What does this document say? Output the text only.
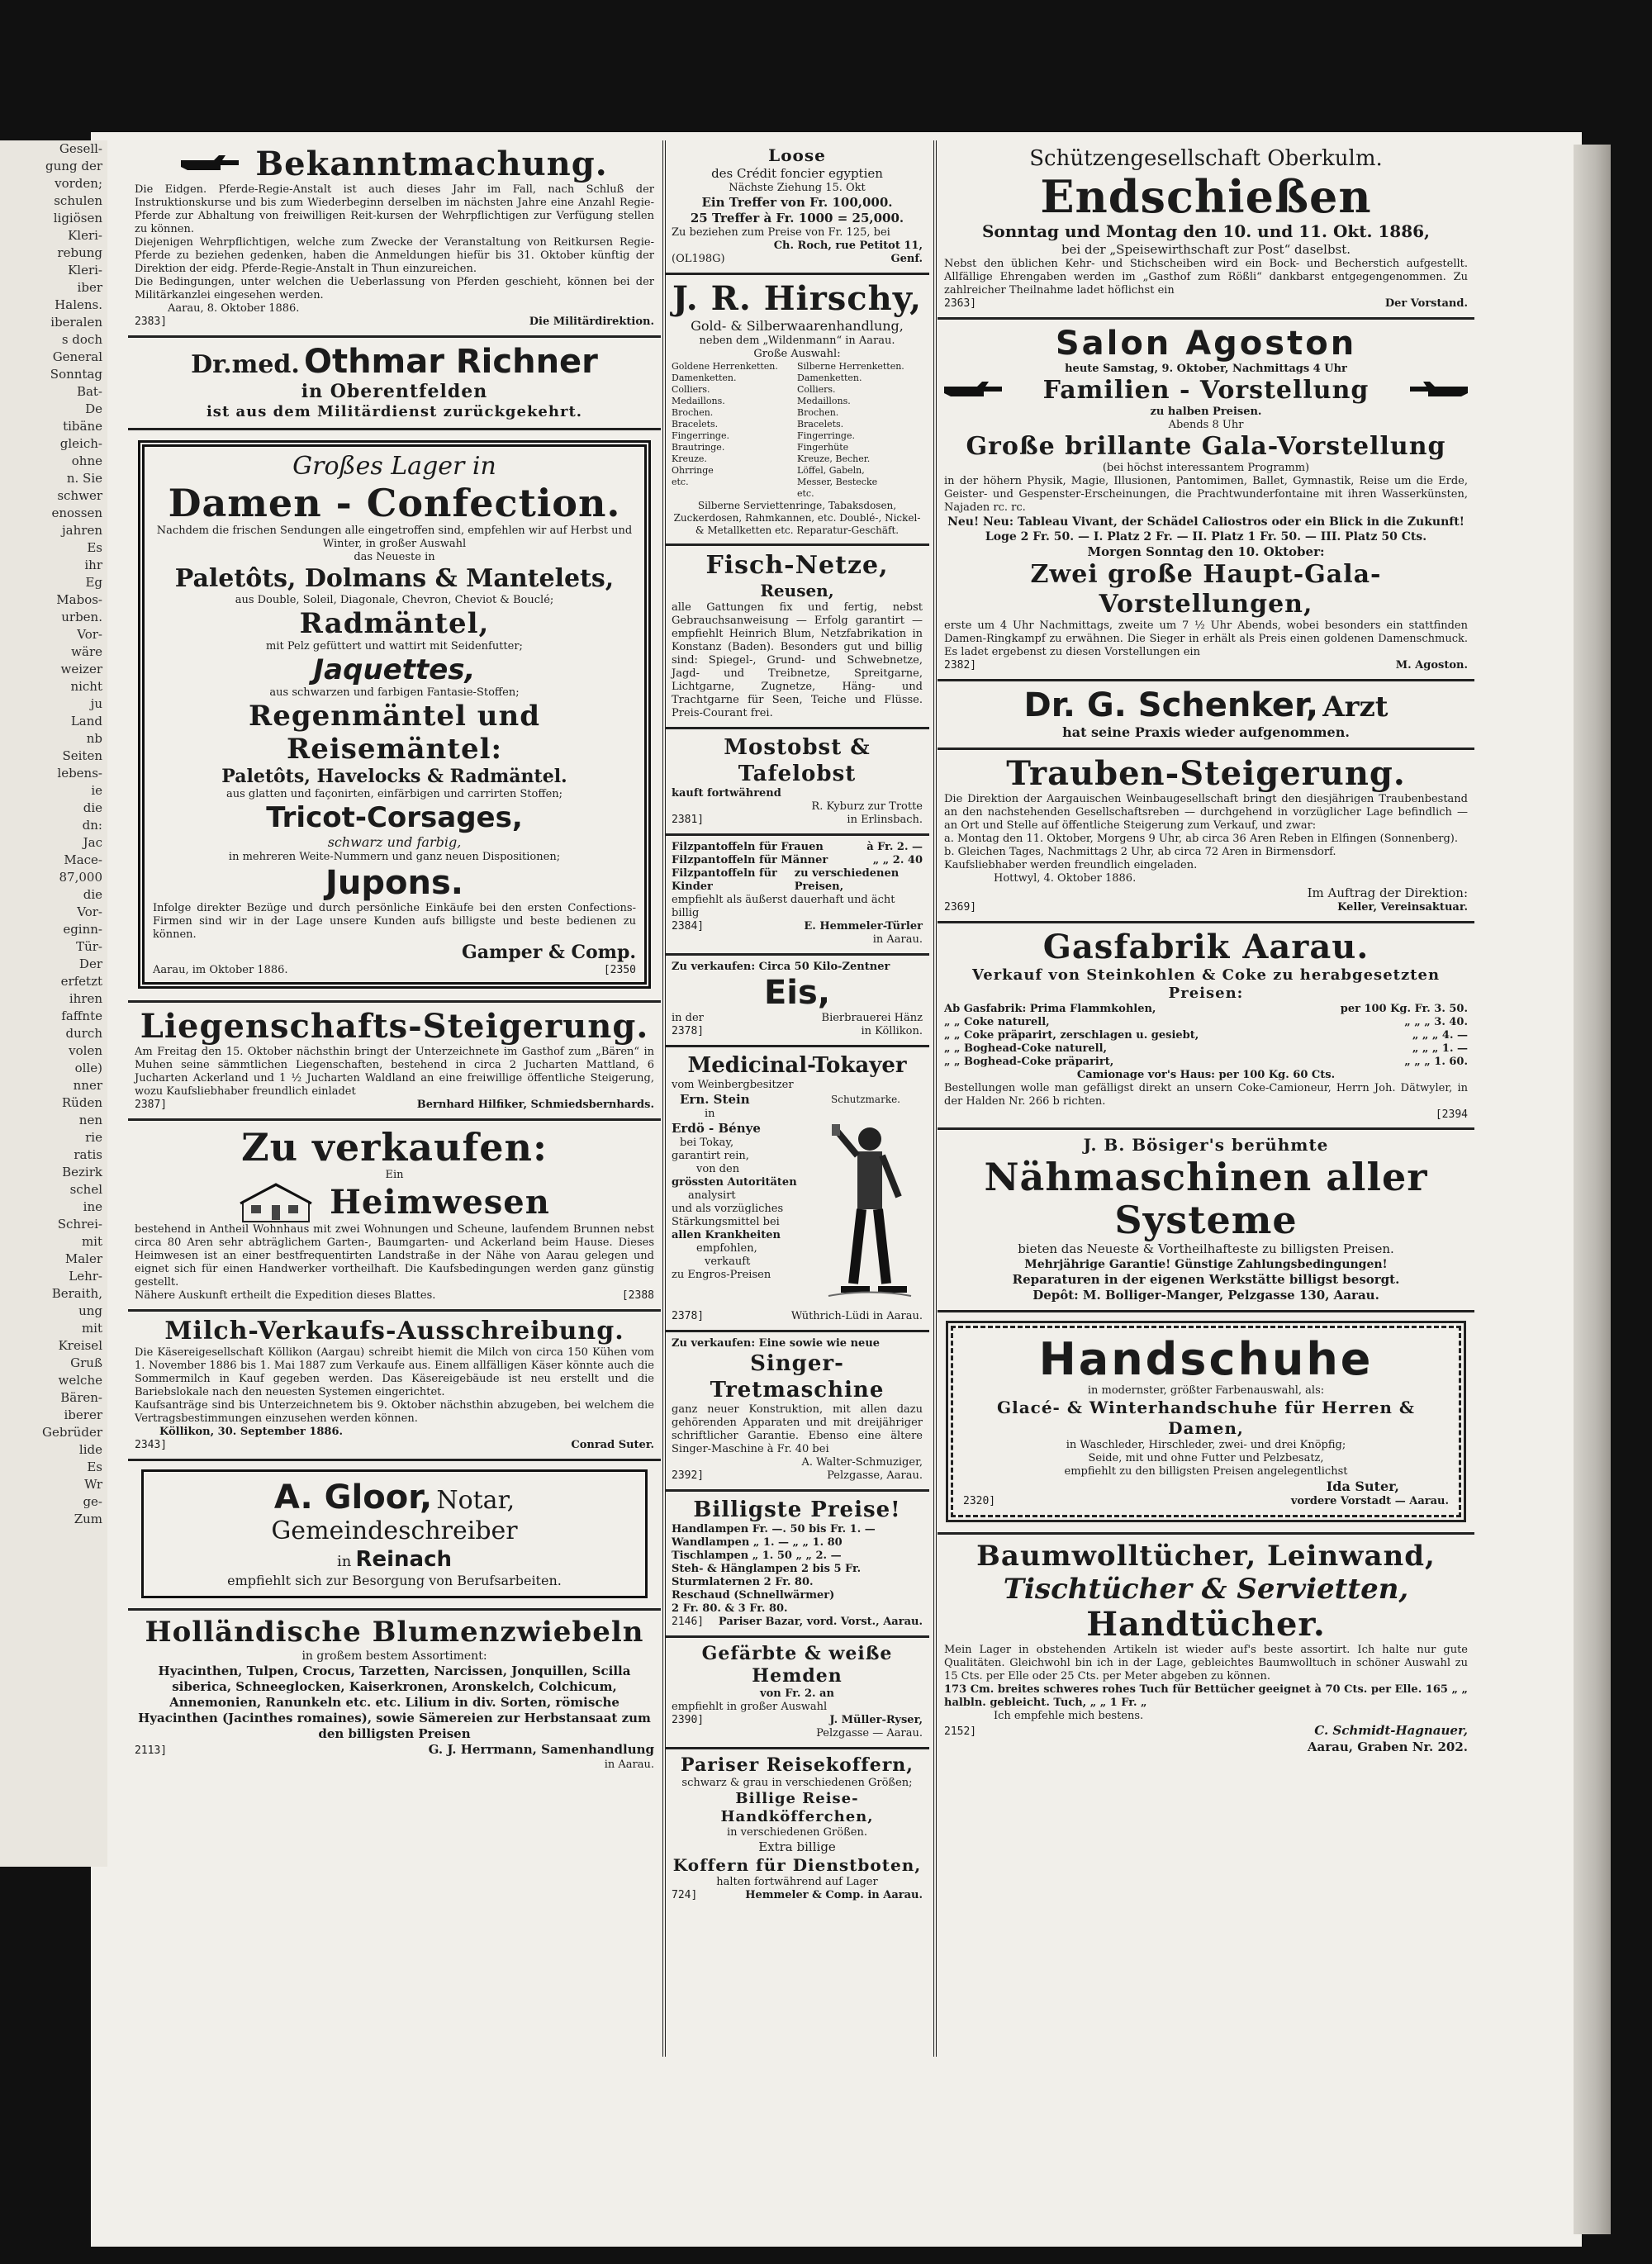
Gesell-
gung der
vorden;
schulen
ligiösen
Kleri-
rebung
Kleri-
iber
Halens.
iberalen
s doch
General
Sonntag
Bat-
De
tibäne
gleich-
ohne
n. Sie
schwer
enossen
jahren
Es
ihr
Eg
Mabos-
urben.
Vor-
wäre
weizer
nicht
ju
Land
nb
Seiten
lebens-
ie
die
dn:
Jac
Mace-
87,000
die
Vor-
eginn-
Tür-
Der
erfetzt
ihren
faffnte
durch
volen
olle)
nner
Rüden
nen
rie
ratis
Bezirk
schel
ine
Schrei-
mit
Maler
Lehr-
Beraith,
ung
mit
Kreisel
Gruß
welche
Bären-
iberer
Gebrüder
lide
Es
Wr
ge-
Zum
Bekanntmachung.
Die Eidgen. Pferde-Regie-Anstalt ist auch dieses Jahr im Fall, nach Schluß der Instruktionskurse und bis zum Wiederbeginn derselben im nächsten Jahre eine Anzahl Regie-Pferde zur Abhaltung von freiwilligen Reit-kursen der Wehrpflichtigen zur Verfügung stellen zu können.
Diejenigen Wehrpflichtigen, welche zum Zwecke der Veranstaltung von Reitkursen Regie-Pferde zu beziehen gedenken, haben die Anmeldungen hiefür bis 31. Oktober künftig der Direktion der eidg. Pferde-Regie-Anstalt in Thun einzureichen.
Die Bedingungen, unter welchen die Ueberlassung von Pferden geschieht, können bei der Militärkanzlei eingesehen werden.
Aarau, 8. Oktober 1886.
2383]	Die Militärdirektion.
Dr.med. Othmar Richner
in Oberentfelden
ist aus dem Militärdienst zurückgekehrt.
Großes Lager in
Damen - Confection.
Nachdem die frischen Sendungen alle eingetroffen sind, empfehlen wir auf Herbst und Winter, in großer Auswahl
das Neueste in
Paletôts, Dolmans & Mantelets,
aus Double, Soleil, Diagonale, Chevron, Cheviot & Bouclé;
Radmäntel,
mit Pelz gefüttert und wattirt mit Seidenfutter;
Jaquettes,
aus schwarzen und farbigen Fantasie-Stoffen;
Regenmäntel und Reisemäntel:
Paletôts, Havelocks & Radmäntel.
aus glatten und façonirten, einfärbigen und carrirten Stoffen;
Tricot-Corsages,
schwarz und farbig,
in mehreren Weite-Nummern und ganz neuen Dispositionen;
Jupons.
Infolge direkter Bezüge und durch persönliche Einkäufe bei den ersten Confections-Firmen sind wir in der Lage unsere Kunden aufs billigste und beste bedienen zu können.
Gamper & Comp.
Aarau, im Oktober 1886.	[2350
Liegenschafts-Steigerung.
Am Freitag den 15. Oktober nächsthin bringt der Unterzeichnete im Gasthof zum „Bären“ in Muhen seine sämmtlichen Liegenschaften, bestehend in circa 2 Jucharten Mattland, 6 Jucharten Ackerland und 1 ½ Jucharten Waldland an eine freiwillige öffentliche Steigerung, wozu Kaufsliebhaber freundlich einladet
2387]	Bernhard Hilfiker, Schmiedsbernhards.
Zu verkaufen:
Ein
Heimwesen
bestehend in Antheil Wohnhaus mit zwei Wohnungen und Scheune, laufendem Brunnen nebst circa 80 Aren sehr abträglichem Garten-, Baumgarten- und Ackerland beim Hause. Dieses Heimwesen ist an einer bestfrequentirten Landstraße in der Nähe von Aarau gelegen und eignet sich für einen Handwerker vortheilhaft. Die Kaufsbedingungen werden ganz günstig gestellt.
Nähere Auskunft ertheilt die Expedition dieses Blattes.	[2388
Milch-Verkaufs-Ausschreibung.
Die Käsereigesellschaft Köllikon (Aargau) schreibt hiemit die Milch von circa 150 Kühen vom 1. November 1886 bis 1. Mai 1887 zum Verkaufe aus. Einem allfälligen Käser könnte auch die Sommermilch in Kauf gegeben werden. Das Käsereigebäude ist neu erstellt und die Bariebslokale nach den neuesten Systemen eingerichtet.
Kaufsanträge sind bis Unterzeichnetem bis 9. Oktober nächsthin abzugeben, bei welchem die Vertragsbestimmungen einzusehen werden können.
Köllikon, 30. September 1886.
2343]	Conrad Suter.
A. Gloor, Notar, Gemeindeschreiber
in Reinach
empfiehlt sich zur Besorgung von Berufsarbeiten.
Holländische Blumenzwiebeln
in großem bestem Assortiment:
Hyacinthen, Tulpen, Crocus, Tarzetten, Narcissen, Jonquillen, Scilla siberica, Schneeglocken, Kaiserkronen, Aronskelch, Colchicum, Annemonien, Ranunkeln etc. etc. Lilium in div. Sorten, römische Hyacinthen (Jacinthes romaines), sowie Sämereien zur Herbstansaat zum den billigsten Preisen
2113]	G. J. Herrmann, Samenhandlung
in Aarau.
Loose
des Crédit foncier egyptien
Nächste Ziehung 15. Okt
Ein Treffer von Fr. 100,000.
25 Treffer à Fr. 1000 = 25,000.
Zu beziehen zum Preise von Fr. 125, bei
Ch. Roch, rue Petitot 11,
(OL198G)	Genf.
J. R. Hirschy,
Gold- & Silberwaarenhandlung,
neben dem „Wildenmann“ in Aarau.
Große Auswahl:
Goldene Herrenketten.
Damenketten.
Colliers.
Medaillons.
Brochen.
Bracelets.
Fingerringe.
Brautringe.
Kreuze.
Ohrringe
etc.
Silberne Herrenketten.
Damenketten.
Colliers.
Medaillons.
Brochen.
Bracelets.
Fingerringe.
Fingerhüte
Kreuze, Becher.
Löffel, Gabeln,
Messer, Bestecke
etc.
Silberne Serviettenringe, Tabaksdosen, Zuckerdosen, Rahmkannen, etc. Doublé-, Nickel- & Metallketten etc. Reparatur-Geschäft.
Fisch-Netze,
Reusen,
alle Gattungen fix und fertig, nebst Gebrauchsanweisung — Erfolg garantirt — empfiehlt Heinrich Blum, Netzfabrikation in Konstanz (Baden). Besonders gut und billig sind: Spiegel-, Grund- und Schwebnetze, Jagd- und Treibnetze, Spreitgarne, Lichtgarne, Zugnetze, Häng- und Trachtgarne für Seen, Teiche und Flüsse. Preis-Courant frei.
Mostobst & Tafelobst
kauft fortwährend
R. Kyburz zur Trotte
2381]	in Erlinsbach.
Filzpantoffeln für Frauen	à Fr. 2. —
Filzpantoffeln für Männer	„ „ 2. 40
Filzpantoffeln für Kinder
zu verschiedenen Preisen,
empfiehlt als äußerst dauerhaft und ächt billig
2384]	E. Hemmeler-Türler
in Aarau.
Zu verkaufen: Circa 50 Kilo-Zentner
Eis,
in der	Bierbrauerei Hänz
2378]	in Köllikon.
Medicinal-Tokayer
vom Weinbergbesitzer
Schutzmarke.
Ern. Stein
in
Erdö - Bénye
bei Tokay,
garantirt rein,
von den
grössten Autoritäten
analysirt
und als vorzügliches
Stärkungsmittel bei
allen Krankheiten
empfohlen,
verkauft
zu Engros-Preisen
2378]	Wüthrich-Lüdi in Aarau.
Zu verkaufen: Eine sowie wie neue
Singer-Tretmaschine
ganz neuer Konstruktion, mit allen dazu gehörenden Apparaten und mit dreijähriger schriftlicher Garantie. Ebenso eine ältere Singer-Maschine à Fr. 40 bei
A. Walter-Schmuziger,
2392]	Pelzgasse, Aarau.
Billigste Preise!
Handlampen Fr. —. 50 bis Fr. 1. —
Wandlampen „ 1. — „ „ 1. 80
Tischlampen „ 1. 50 „ „ 2. —
Steh- & Hänglampen 2 bis 5 Fr.
Sturmlaternen 2 Fr. 80.
Reschaud (Schnellwärmer)
2 Fr. 80. & 3 Fr. 80.
2146] Pariser Bazar, vord. Vorst., Aarau.
Gefärbte & weiße Hemden
von Fr. 2. an
empfiehlt in großer Auswahl
2390]	J. Müller-Ryser,
Pelzgasse — Aarau.
Pariser Reisekoffern,
schwarz & grau in verschiedenen Größen;
Billige Reise-Handköfferchen,
in verschiedenen Größen.
Extra billige
Koffern für Dienstboten,
halten fortwährend auf Lager
724]	Hemmeler & Comp. in Aarau.
Schützengesellschaft Oberkulm.
Endschießen
Sonntag und Montag den 10. und 11. Okt. 1886,
bei der „Speisewirthschaft zur Post“ daselbst.
Nebst den üblichen Kehr- und Stichscheiben wird ein Bock- und Becherstich aufgestellt. Allfällige Ehrengaben werden im „Gasthof zum Rößli“ dankbarst entgegengenommen. Zu zahlreicher Theilnahme ladet höflichst ein
2363]	Der Vorstand.
Salon Agoston
heute Samstag, 9. Oktober, Nachmittags 4 Uhr
Familien - Vorstellung
zu halben Preisen.
Abends 8 Uhr
Große brillante Gala-Vorstellung
(bei höchst interessantem Programm)
in der höhern Physik, Magie, Illusionen, Pantomimen, Ballet, Gymnastik, Reise um die Erde, Geister- und Gespenster-Erscheinungen, die Prachtwunderfontaine mit ihren Wasserkünsten, Najaden rc. rc.
Neu! Neu: Tableau Vivant, der Schädel Caliostros oder ein Blick in die Zukunft!
Loge 2 Fr. 50. — I. Platz 2 Fr. — II. Platz 1 Fr. 50. — III. Platz 50 Cts.
Morgen Sonntag den 10. Oktober:
Zwei große Haupt-Gala-Vorstellungen,
erste um 4 Uhr Nachmittags, zweite um 7 ½ Uhr Abends, wobei besonders ein stattfinden Damen-Ringkampf zu erwähnen. Die Sieger in erhält als Preis einen goldenen Damenschmuck. Es ladet ergebenst zu diesen Vorstellungen ein
2382]	M. Agoston.
Dr. G. Schenker, Arzt
hat seine Praxis wieder aufgenommen.
Trauben-Steigerung.
Die Direktion der Aargauischen Weinbaugesellschaft bringt den diesjährigen Traubenbestand an den nachstehenden Gesellschaftsreben — durchgehend in vorzüglicher Lage befindlich — an Ort und Stelle auf öffentliche Steigerung zum Verkauf, und zwar:
a. Montag den 11. Oktober, Morgens 9 Uhr, ab circa 36 Aren Reben in Elfingen (Sonnenberg).
b. Gleichen Tages, Nachmittags 2 Uhr, ab circa 72 Aren in Birmensdorf.
Kaufsliebhaber werden freundlich eingeladen.
Hottwyl, 4. Oktober 1886.
Im Auftrag der Direktion:
2369]	Keller, Vereinsaktuar.
Gasfabrik Aarau.
Verkauf von Steinkohlen & Coke zu herabgesetzten Preisen:
Ab Gasfabrik: Prima Flammkohlen,	per 100 Kg. Fr. 3. 50.
„ „ Coke naturell,	„ „ „ 3. 40.
„ „ Coke präparirt, zerschlagen u. gesiebt,	„ „ „ 4. —
„ „ Boghead-Coke naturell,	„ „ „ 1. —
„ „ Boghead-Coke präparirt,	„ „ „ 1. 60.
Camionage vor's Haus: per 100 Kg. 60 Cts.
Bestellungen wolle man gefälligst direkt an unsern Coke-Camioneur, Herrn Joh. Dätwyler, in der Halden Nr. 266 b richten.
[2394
J. B. Bösiger's berühmte
Nähmaschinen aller Systeme
bieten das Neueste & Vortheilhafteste zu billigsten Preisen.
Mehrjährige Garantie! Günstige Zahlungsbedingungen!
Reparaturen in der eigenen Werkstätte billigst besorgt.
Depôt: M. Bolliger-Manger, Pelzgasse 130, Aarau.
Handschuhe
in modernster, größter Farbenauswahl, als:
Glacé- & Winterhandschuhe für Herren & Damen,
in Waschleder, Hirschleder, zwei- und drei Knöpfig;
Seide, mit und ohne Futter und Pelzbesatz,
empfiehlt zu den billigsten Preisen angelegentlichst
Ida Suter,
2320]	vordere Vorstadt — Aarau.
Baumwolltücher, Leinwand,
Tischtücher & Servietten,
Handtücher.
Mein Lager in obstehenden Artikeln ist wieder auf's beste assortirt. Ich halte nur gute Qualitäten. Gleichwohl bin ich in der Lage, gebleichtes Baumwolltuch in schöner Auswahl zu 15 Cts. per Elle oder 25 Cts. per Meter abgeben zu können.
173 Cm. breites schweres rohes Tuch für Bettücher geeignet à 70 Cts. per Elle. 165 „ „ halbln. gebleicht. Tuch, „ „ 1 Fr. „
Ich empfehle mich bestens.
2152]	C. Schmidt-Hagnauer,
Aarau, Graben Nr. 202.
